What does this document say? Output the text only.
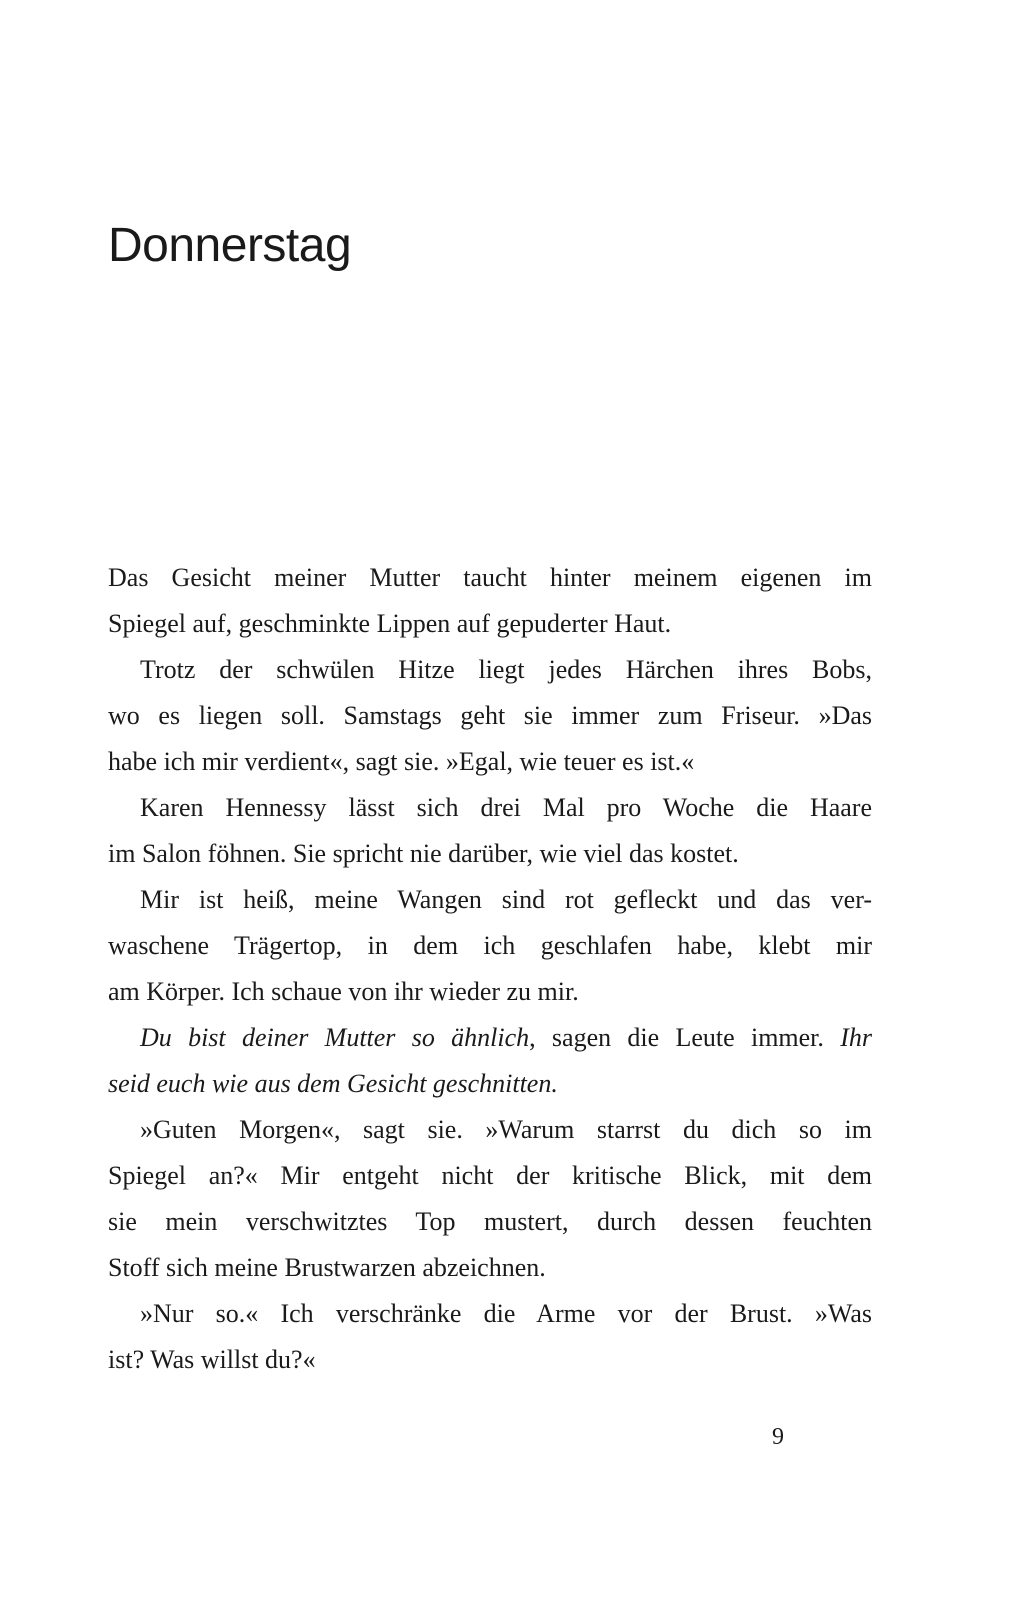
Donnerstag
Das Gesicht meiner Mutter taucht hinter meinem eigenen im
Spiegel auf, geschminkte Lippen auf gepuderter Haut.
Trotz der schwülen Hitze liegt jedes Härchen ihres Bobs,
wo es liegen soll. Samstags geht sie immer zum Friseur. »Das
habe ich mir verdient«, sagt sie. »Egal, wie teuer es ist.«
Karen Hennessy lässt sich drei Mal pro Woche die Haare
im Salon föhnen. Sie spricht nie darüber, wie viel das kostet.
Mir ist heiß, meine Wangen sind rot gefleckt und das ver-
waschene Trägertop, in dem ich geschlafen habe, klebt mir
am Körper. Ich schaue von ihr wieder zu mir.
Du bist deiner Mutter so ähnlich, sagen die Leute immer. Ihr
seid euch wie aus dem Gesicht geschnitten.
»Guten Morgen«, sagt sie. »Warum starrst du dich so im
Spiegel an?« Mir entgeht nicht der kritische Blick, mit dem
sie mein verschwitztes Top mustert, durch dessen feuchten
Stoff sich meine Brustwarzen abzeichnen.
»Nur so.« Ich verschränke die Arme vor der Brust. »Was
ist? Was willst du?«
9
